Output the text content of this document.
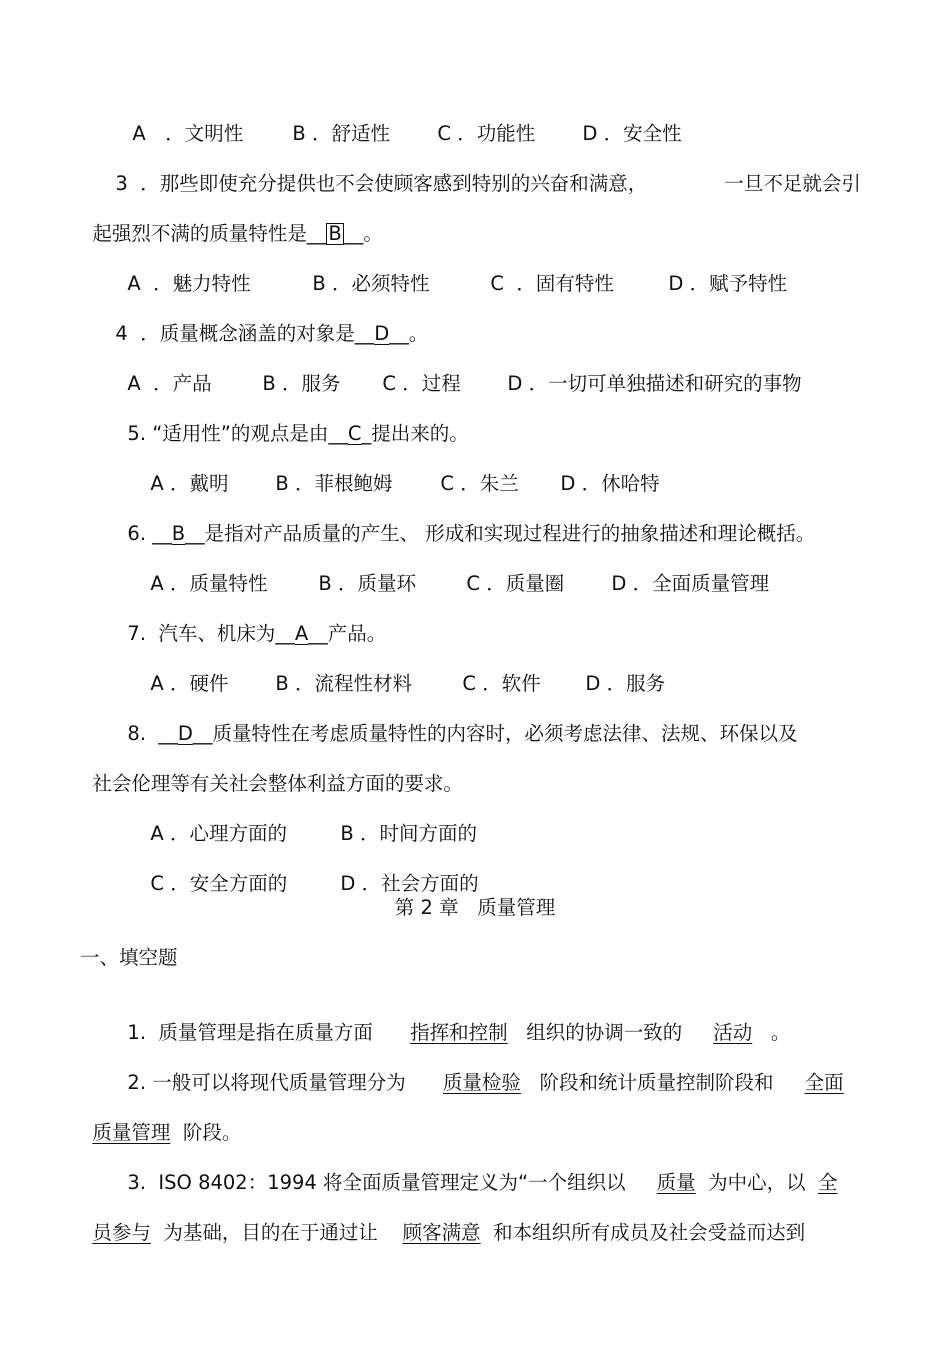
A　．文明性	B ．舒适性 C ．功能性 D ．安全性

3  ．那些即使充分提供也不会使顾客感到特别的兴奋和满意，	一旦不足就会引

起强烈不满的质量特性是__ B __。

A  ．魅力特性	B ．必须特性	C  ．固有特性	D ．赋予特性

4  ．质量概念涵盖的对象是__D__。

A  ．产品	B ．服务 C ．过程 D ．一切可单独描述和研究的事物

5. “适用性”的观点是由__C_提出来的。

A ．戴明 B ．菲根鲍姆 C ．朱兰 D ．休哈特

6. __B__是指对产品质量的产生、 形成和实现过程进行的抽象描述和理论概括。

A ．质量特性	B ．质量环	C ．质量圈 D ．全面质量管理

7.  汽车、机床为__A__产品。

A ．硬件 B ．流程性材料	C ．软件 D ．服务

8.  __D__质量特性在考虑质量特性的内容时，必须考虑法律、法规、环保以及

社会伦理等有关社会整体利益方面的要求。

A ．心理方面的	B ．时间方面的

C ．安全方面的	D ．社会方面的

第 2 章   质量管理
一、填空题

1.  质量管理是指在质量方面 指挥和控制 组织的协调一致的 活动 。

2. 一般可以将现代质量管理分为 质量检验 阶段和统计质量控制阶段和 全面

质量管理 阶段。

3.  ISO 8402：1994 将全面质量管理定义为“一个组织以 质量 为中心，以 全

员参与 为基础，目的在于通过让 顾客满意 和本组织所有成员及社会受益而达到
